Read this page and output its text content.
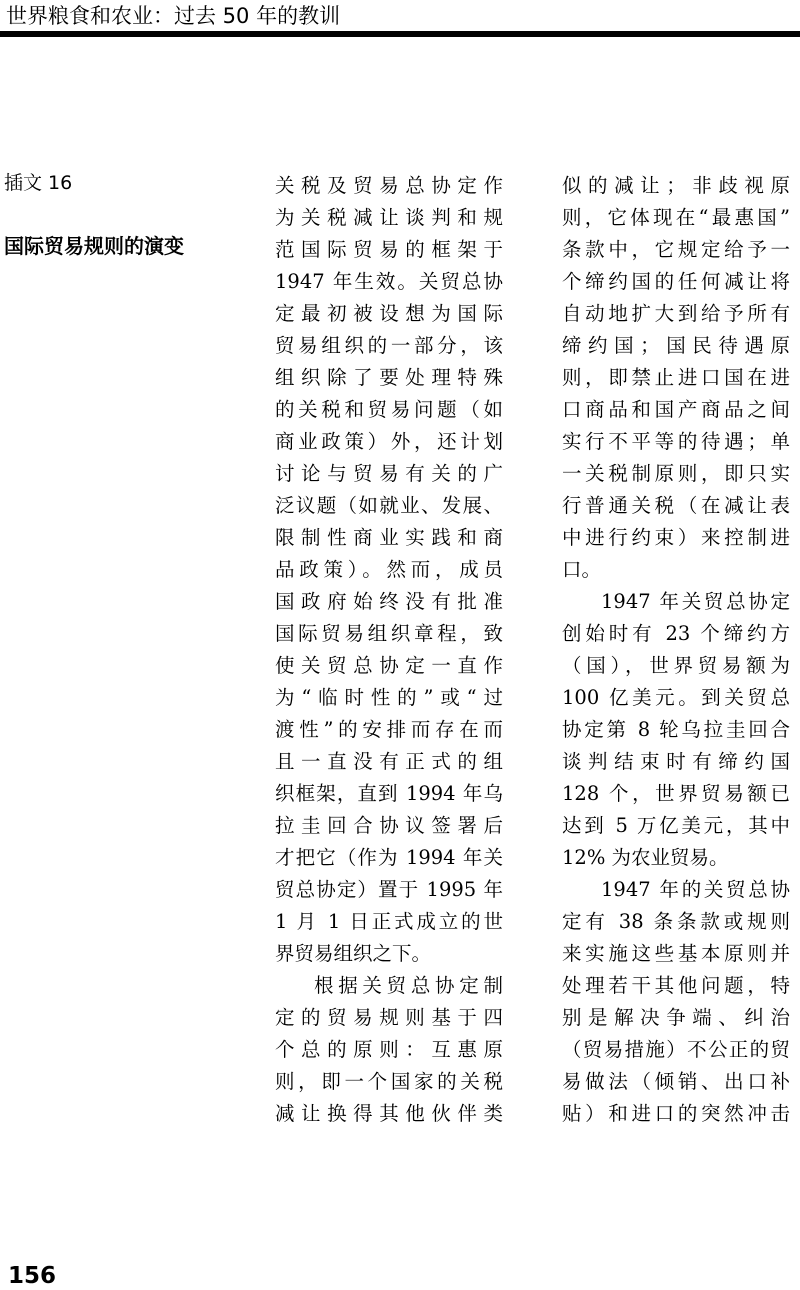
世界粮食和农业：过去 50 年的教训
插文 16
国际贸易规则的演变
关税及贸易总协定作
为关税减让谈判和规
范国际贸易的框架于
1947 年生效。关贸总协
定最初被设想为国际
贸易组织的一部分，该
组织除了要处理特殊
的关税和贸易问题（如
商业政策）外，还计划
讨论与贸易有关的广
泛议题（如就业、发展、
限制性商业实践和商
品政策）。然而，成员
国政府始终没有批准
国际贸易组织章程，致
使关贸总协定一直作
为“临时性的”或“过
渡性”的安排而存在而
且一直没有正式的组
织框架，直到 1994 年乌
拉圭回合协议签署后
才把它（作为 1994 年关
贸总协定）置于 1995 年
1 月 1 日正式成立的世
界贸易组织之下。
根据关贸总协定制
定的贸易规则基于四
个总的原则：互惠原
则，即一个国家的关税
减让换得其他伙伴类
似的减让；非歧视原
则，它体现在“最惠国”
条款中，它规定给予一
个缔约国的任何减让将
自动地扩大到给予所有
缔约国；国民待遇原
则，即禁止进口国在进
口商品和国产商品之间
实行不平等的待遇；单
一关税制原则，即只实
行普通关税（在减让表
中进行约束）来控制进
口。
1947 年关贸总协定
创始时有 23 个缔约方
（国），世界贸易额为
100 亿美元。到关贸总
协定第 8 轮乌拉圭回合
谈判结束时有缔约国
128 个，世界贸易额已
达到 5 万亿美元，其中
12% 为农业贸易。
1947 年的关贸总协
定有 38 条条款或规则
来实施这些基本原则并
处理若干其他问题，特
别是解决争端、纠治
（贸易措施）不公正的贸
易做法（倾销、出口补
贴）和进口的突然冲击
156
